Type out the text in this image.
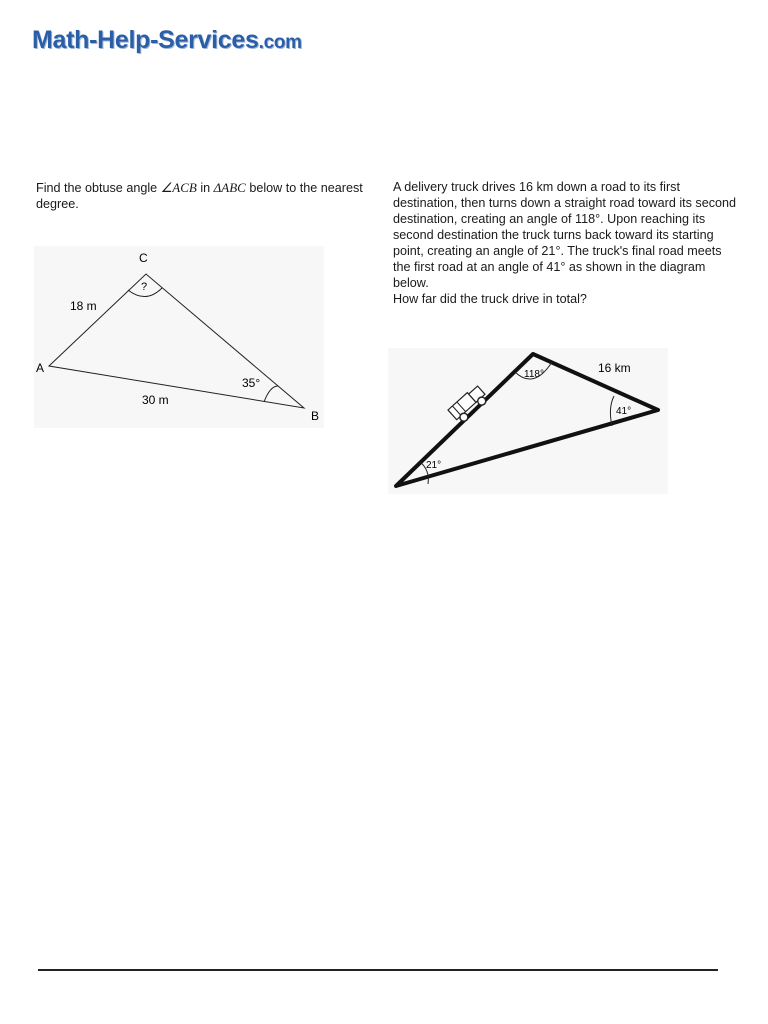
Math-Help-Services.com
Find the obtuse angle ∠ACB in ΔABC below to the nearest degree.
C
A
B
18 m
30 m
35°
?
A delivery truck drives 16 km down a road to its first destination, then turns down a straight road toward its second destination, creating an angle of 118°. Upon reaching its second destination the truck turns back toward its starting point, creating an angle of 21°. The truck's final road meets the first road at an angle of 41° as shown in the diagram below.
How far did the truck drive in total?
16 km
118°
41°
21°
